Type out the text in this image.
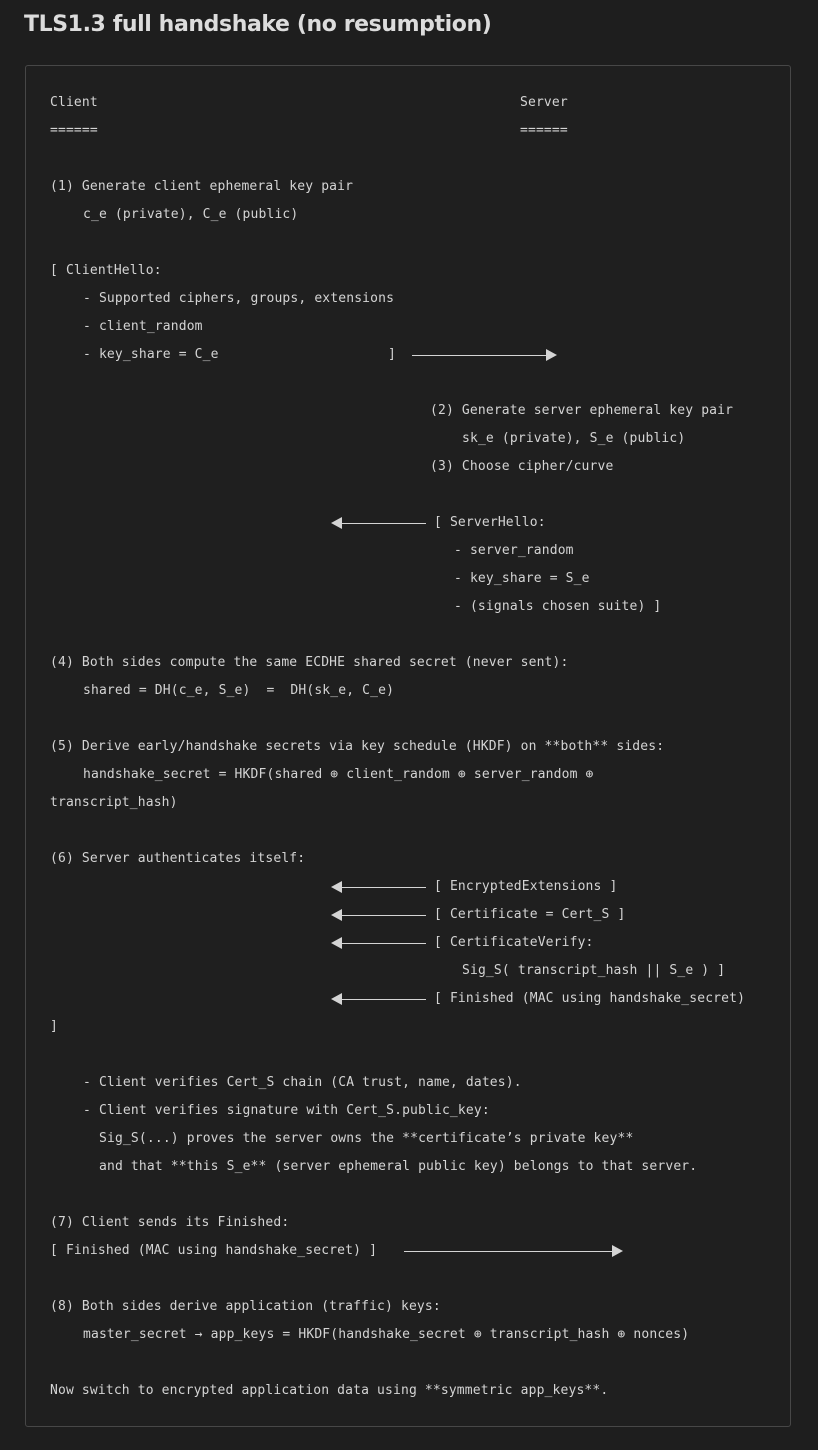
TLS1.3 full handshake (no resumption)

Client	Server

======	======

(1) Generate client ephemeral key pair

c_e (private), C_e (public)

[ ClientHello:

- Supported ciphers, groups, extensions

- client_random

- key_share = C_e	]

(2) Generate server ephemeral key pair

sk_e (private), S_e (public)

(3) Choose cipher/curve

[ ServerHello:

- server_random

- key_share = S_e

- (signals chosen suite) ]

(4) Both sides compute the same ECDHE shared secret (never sent):

shared = DH(c_e, S_e)  =  DH(sk_e, C_e)

(5) Derive early/handshake secrets via key schedule (HKDF) on **both** sides:

handshake_secret = HKDF(shared ⊕ client_random ⊕ server_random ⊕

transcript_hash)

(6) Server authenticates itself:

[ EncryptedExtensions ]

[ Certificate = Cert_S ]

[ CertificateVerify:

Sig_S( transcript_hash || S_e ) ]

[ Finished (MAC using handshake_secret)

]

- Client verifies Cert_S chain (CA trust, name, dates).

- Client verifies signature with Cert_S.public_key:

Sig_S(...) proves the server owns the **certificate’s private key**

and that **this S_e** (server ephemeral public key) belongs to that server.

(7) Client sends its Finished:

[ Finished (MAC using handshake_secret) ]

(8) Both sides derive application (traffic) keys:

master_secret → app_keys = HKDF(handshake_secret ⊕ transcript_hash ⊕ nonces)

Now switch to encrypted application data using **symmetric app_keys**.
